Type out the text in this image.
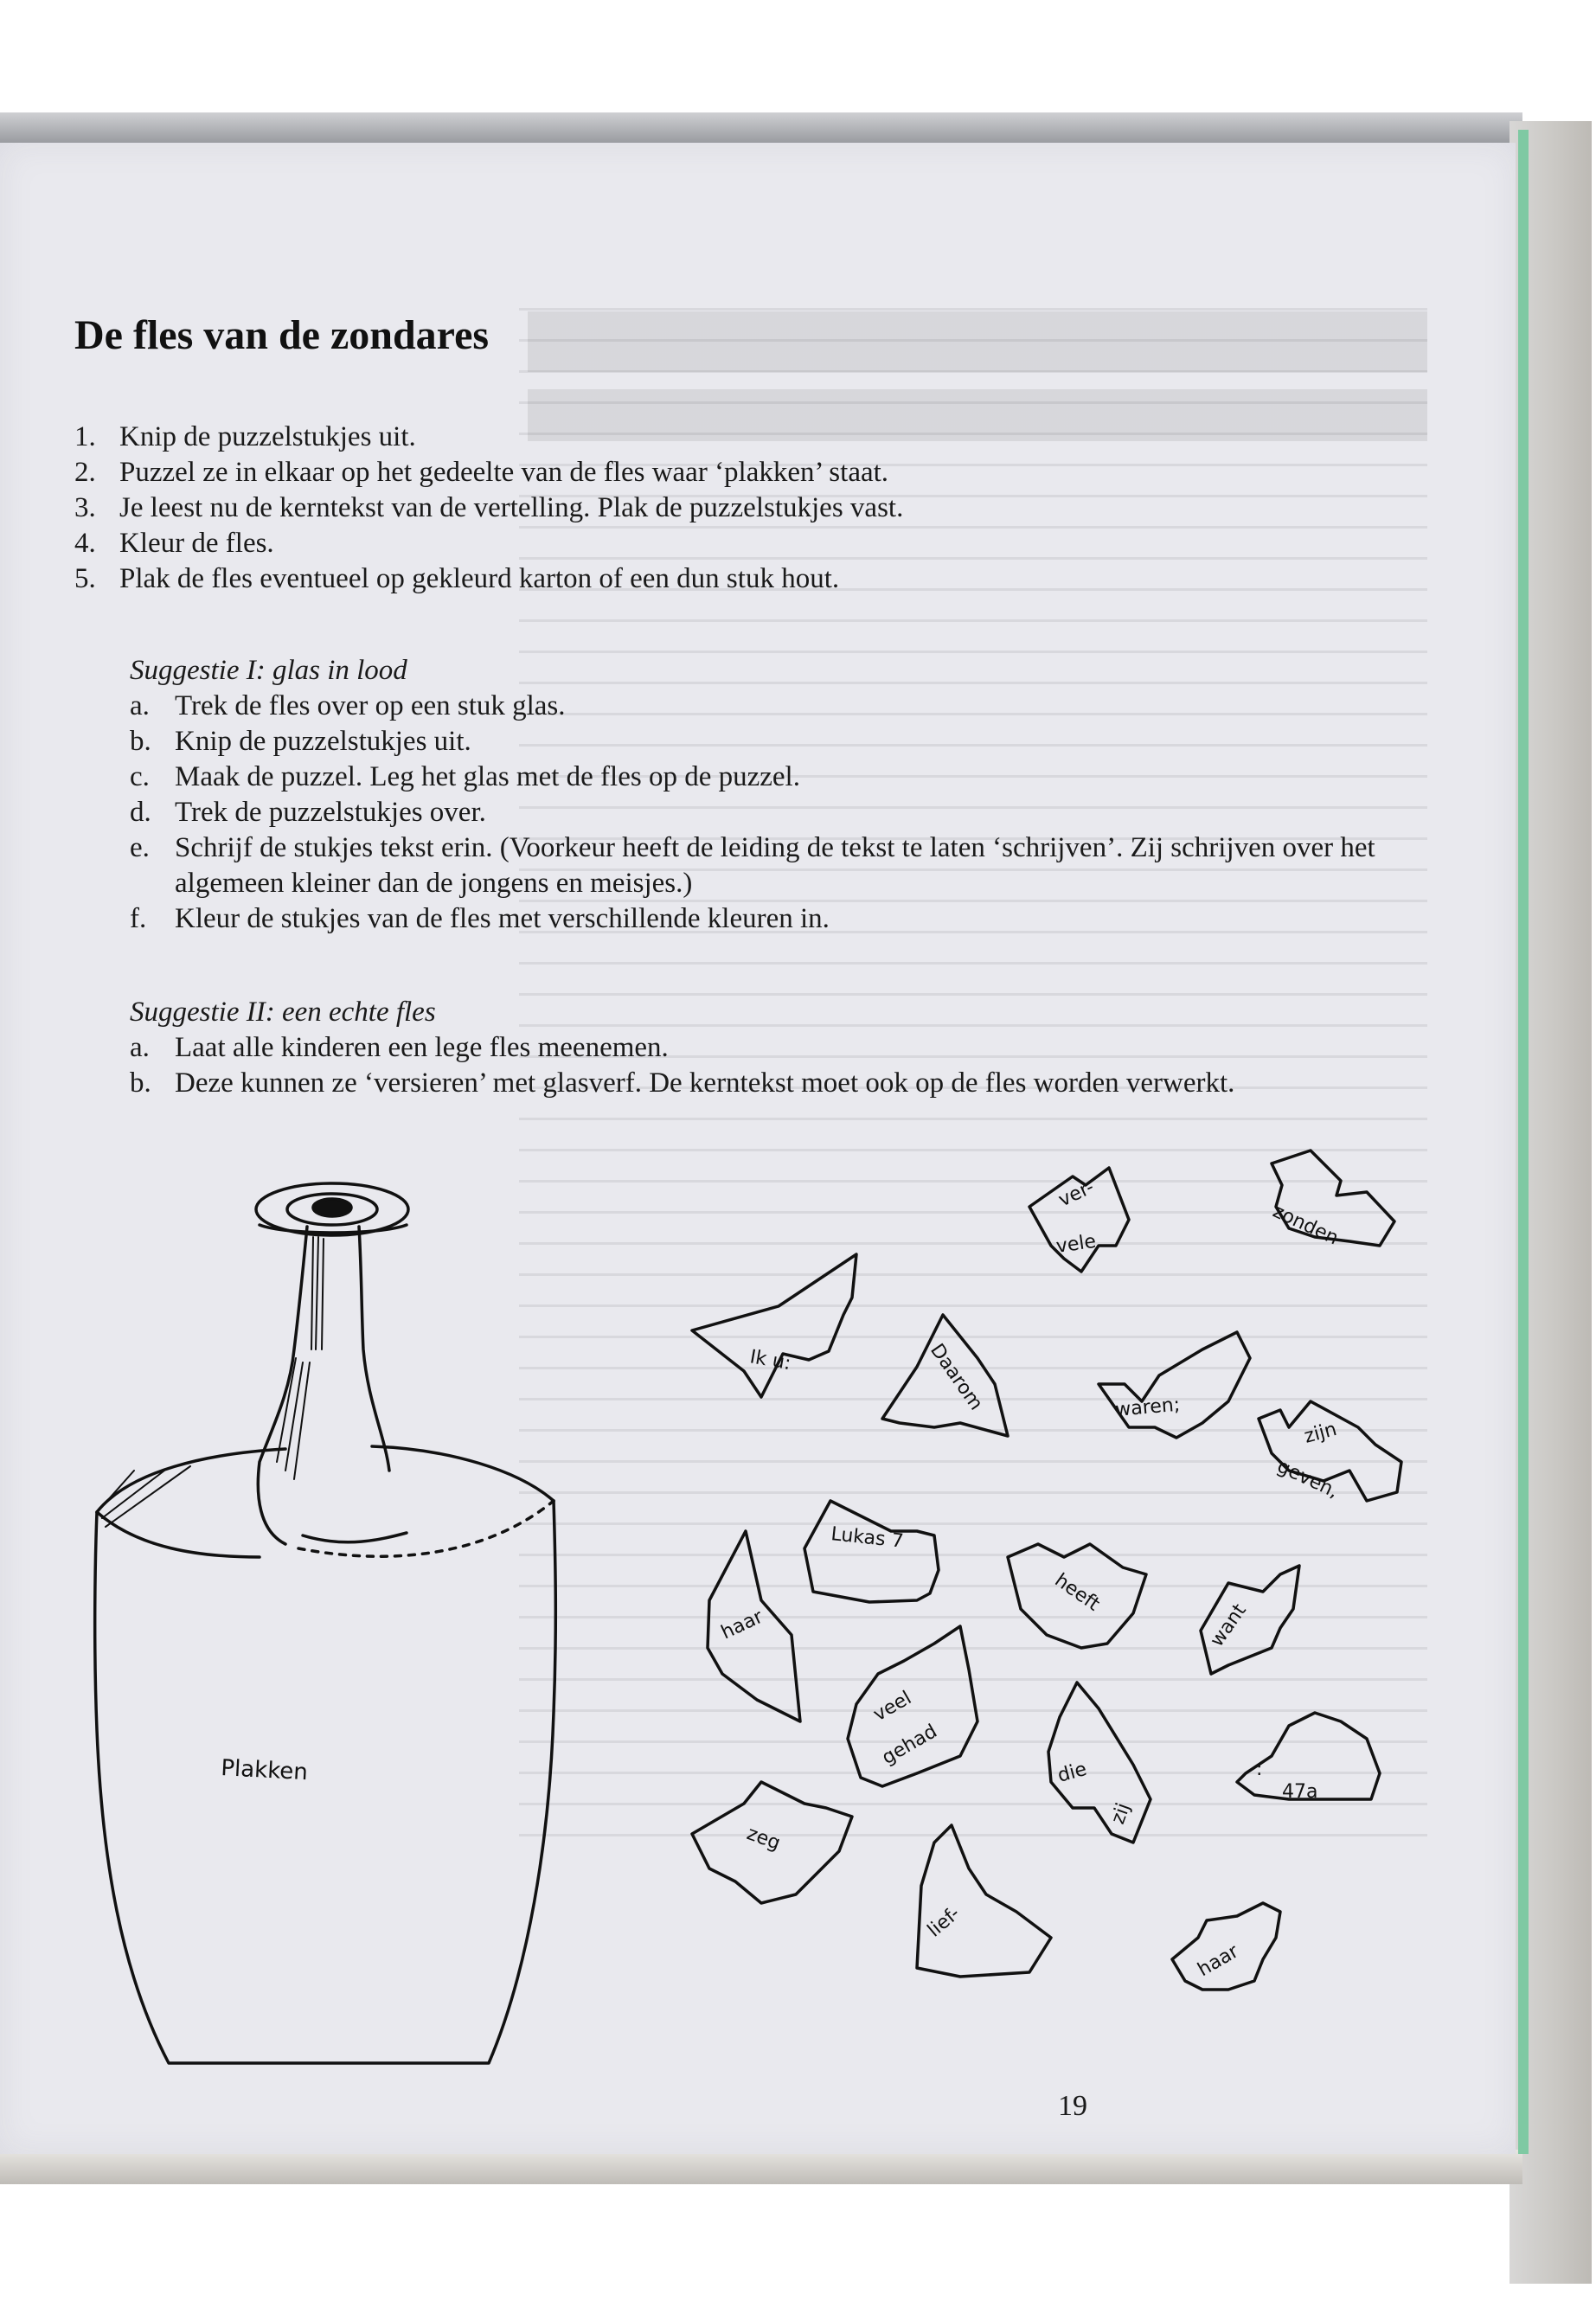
De fles van de zondares
1. Knip de puzzelstukjes uit.
2. Puzzel ze in elkaar op het gedeelte van de fles waar ‘plakken’ staat.
3. Je leest nu de kerntekst van de vertelling. Plak de puzzelstukjes vast.
4. Kleur de fles.
5. Plak de fles eventueel op gekleurd karton of een dun stuk hout.

Suggestie I: glas in lood

a. Trek de fles over op een stuk glas.
b. Knip de puzzelstukjes uit.
c. Maak de puzzel. Leg het glas met de fles op de puzzel.
d. Trek de puzzelstukjes over.
e. Schrijf de stukjes tekst erin. (Voorkeur heeft de leiding de tekst te laten ‘schrijven’. Zij schrijven over het algemeen kleiner dan de jongens en meisjes.)
f. Kleur de stukjes van de fles met verschillende kleuren in.

Suggestie II: een echte fles

a. Laat alle kinderen een lege fles meenemen.
b. Deze kunnen ze ‘versieren’ met glasverf. De kerntekst moet ook op de fles worden verwerkt.
ver-
vele	zonden
Ik u:	Daarom	waren;
zijn
geven,
Lukas 7
heeft
want
haar
veel
gehad
die
zij
:
47a
zeg
lief-
haar
Plakken
19
